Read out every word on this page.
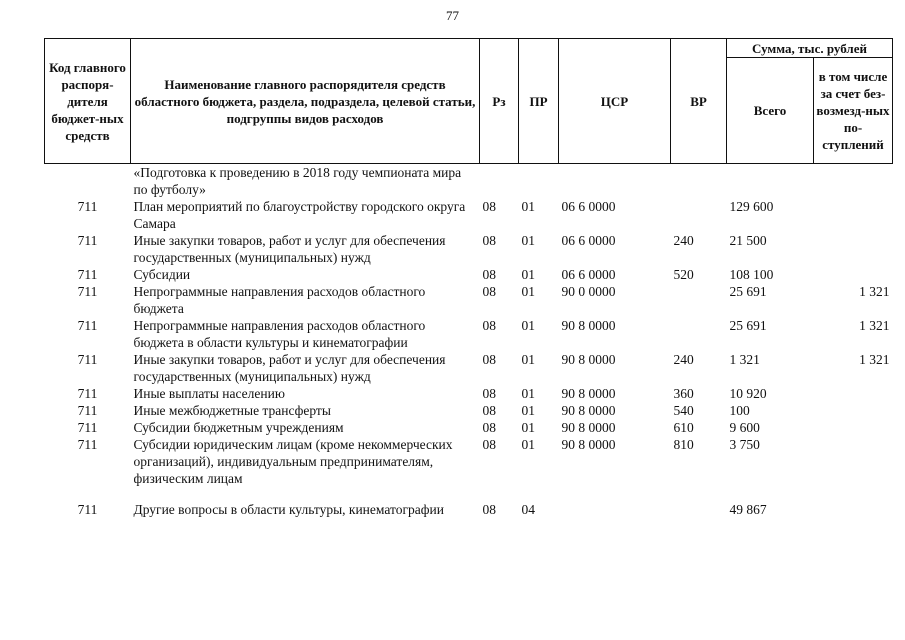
77
Код главного распоря-дителя бюджет-ных средств	Наименование главного распорядителя средств областного бюджета, раздела, подраздела, целевой статьи, подгруппы видов расходов	Рз	ПР	ЦСР	ВР	Сумма, тыс. рублей	
						Всего	в том числе за счет без-возмезд-ных по-ступлений
	«Подготовка к проведению в 2018 году чемпионата мира по футболу»						
711	План мероприятий по благоустройству городского округа Самара	08	01	06 6 0000		129 600	
711	Иные закупки товаров, работ и услуг для обеспечения государственных (муниципальных) нужд	08	01	06 6 0000	240	21 500	
711	Субсидии	08	01	06 6 0000	520	108 100	
711	Непрограммные направления расходов областного бюджета	08	01	90 0 0000		25 691	1 321
711	Непрограммные направления расходов областного бюджета в области культуры и кинематографии	08	01	90 8 0000		25 691	1 321
711	Иные закупки товаров, работ и услуг для обеспечения государственных (муниципальных) нужд	08	01	90 8 0000	240	1 321	1 321
711	Иные выплаты населению	08	01	90 8 0000	360	10 920	
711	Иные межбюджетные трансферты	08	01	90 8 0000	540	100	
711	Субсидии бюджетным учреждениям	08	01	90 8 0000	610	9 600	
711	Субсидии юридическим лицам (кроме некоммерческих организаций), индивидуальным предпринимателям, физическим лицам	08	01	90 8 0000	810	3 750	
711	Другие вопросы в области культуры, кинематографии	08	04			49 867	
